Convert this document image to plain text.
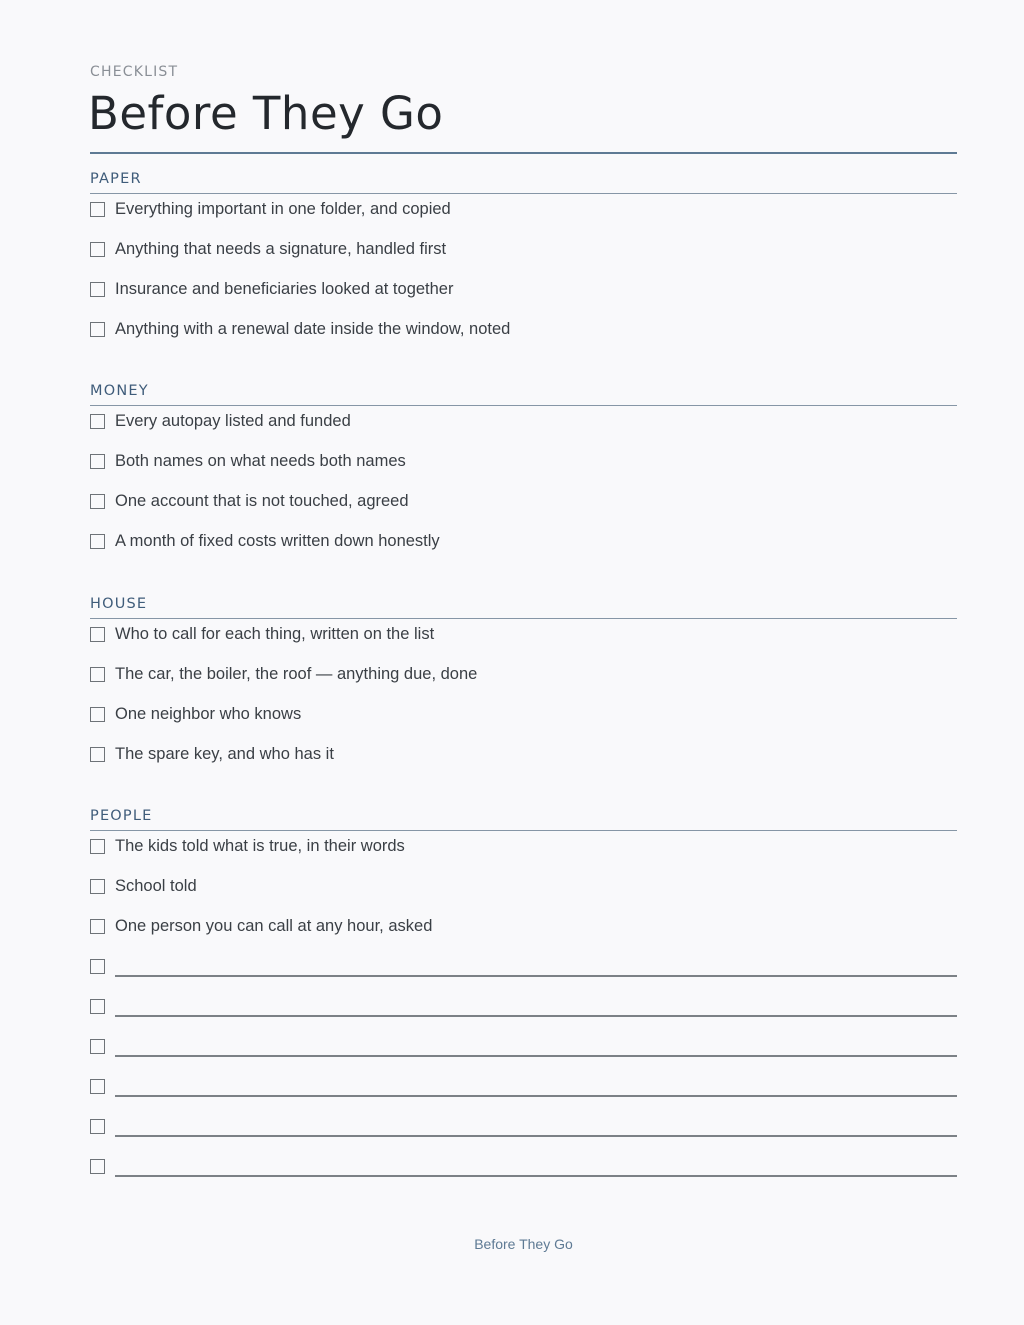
CHECKLIST
Before They Go
PAPER
Everything important in one folder, and copied
Anything that needs a signature, handled first
Insurance and beneficiaries looked at together
Anything with a renewal date inside the window, noted
MONEY
Every autopay listed and funded
Both names on what needs both names
One account that is not touched, agreed
A month of fixed costs written down honestly
HOUSE
Who to call for each thing, written on the list
The car, the boiler, the roof — anything due, done
One neighbor who knows
The spare key, and who has it
PEOPLE
The kids told what is true, in their words
School told
One person you can call at any hour, asked
Before They Go
